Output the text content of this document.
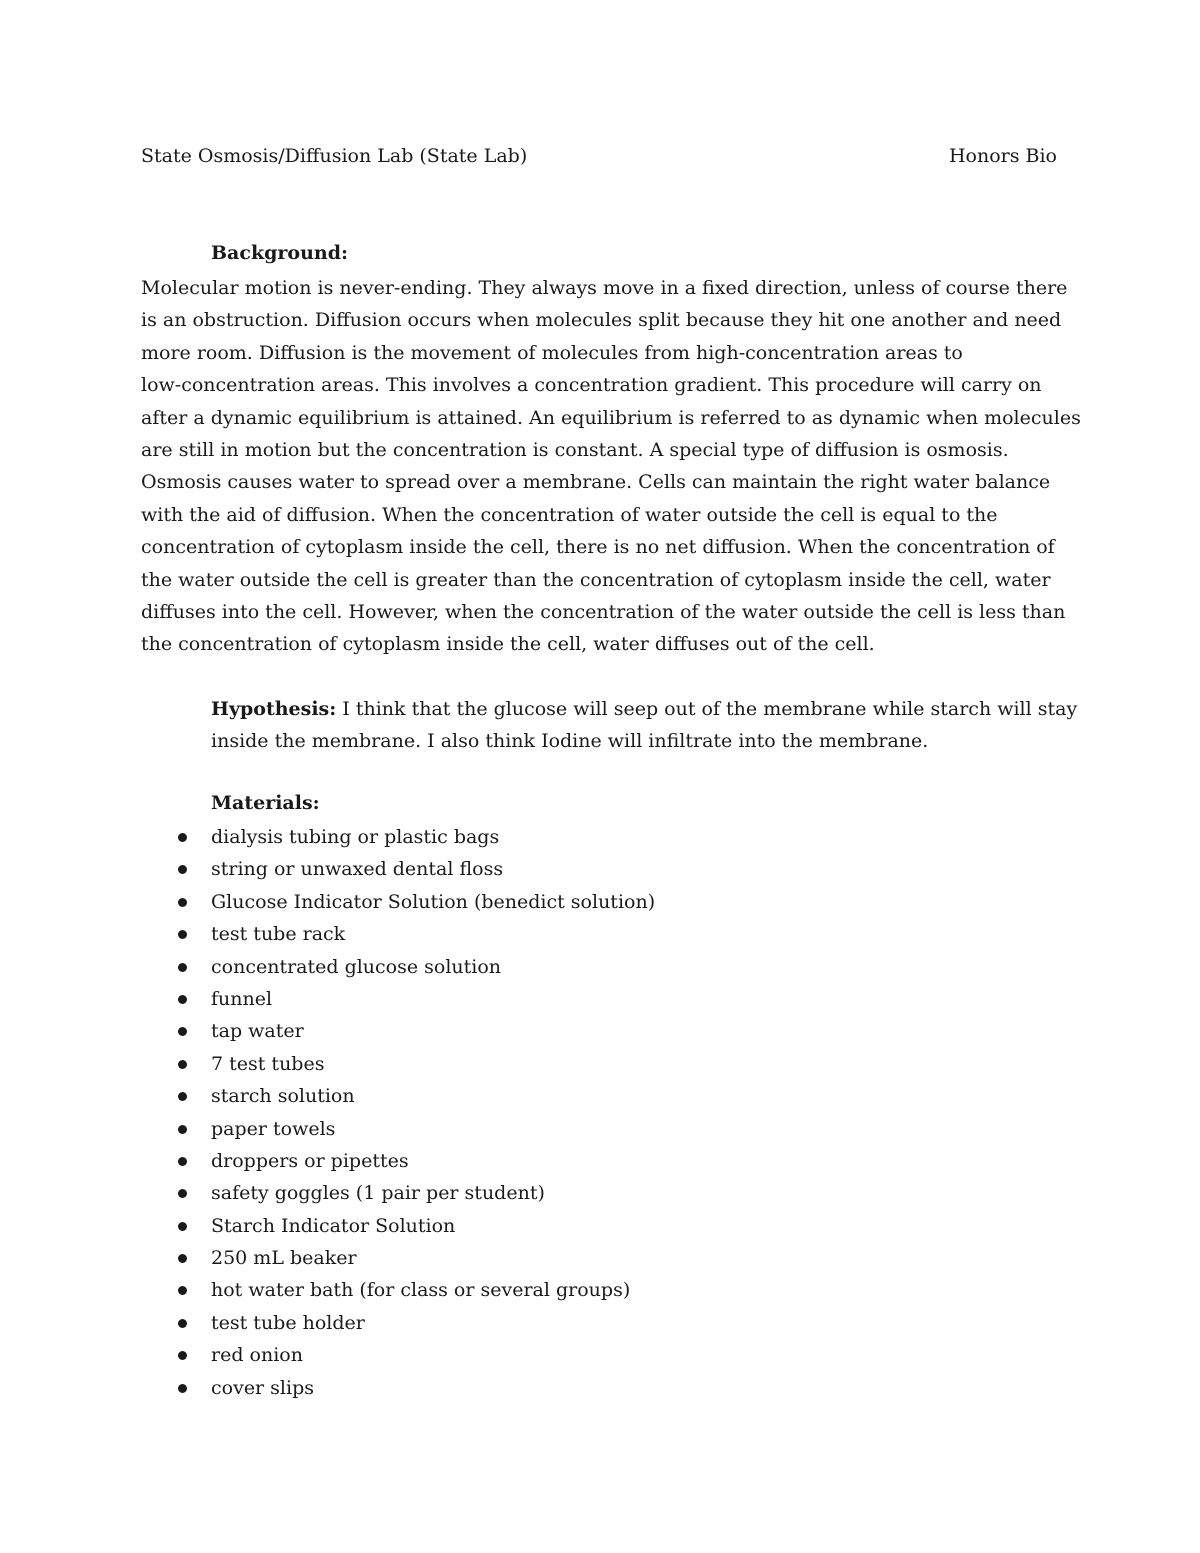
State Osmosis/Diffusion Lab (State Lab)	Honors Bio
Background:
Molecular motion is never-ending. They always move in a fixed direction, unless of course there
is an obstruction. Diffusion occurs when molecules split because they hit one another and need
more room. Diffusion is the movement of molecules from high-concentration areas to
low-concentration areas. This involves a concentration gradient. This procedure will carry on
after a dynamic equilibrium is attained. An equilibrium is referred to as dynamic when molecules
are still in motion but the concentration is constant. A special type of diffusion is osmosis.
Osmosis causes water to spread over a membrane. Cells can maintain the right water balance
with the aid of diffusion. When the concentration of water outside the cell is equal to the
concentration of cytoplasm inside the cell, there is no net diffusion. When the concentration of
the water outside the cell is greater than the concentration of cytoplasm inside the cell, water
diffuses into the cell. However, when the concentration of the water outside the cell is less than
the concentration of cytoplasm inside the cell, water diffuses out of the cell.
Hypothesis: I think that the glucose will seep out of the membrane while starch will stay
inside the membrane. I also think Iodine will infiltrate into the membrane.
Materials:
dialysis tubing or plastic bags
string or unwaxed dental floss
Glucose Indicator Solution (benedict solution)
test tube rack
concentrated glucose solution
funnel
tap water
7 test tubes
starch solution
paper towels
droppers or pipettes
safety goggles (1 pair per student)
Starch Indicator Solution
250 mL beaker
hot water bath (for class or several groups)
test tube holder
red onion
cover slips
